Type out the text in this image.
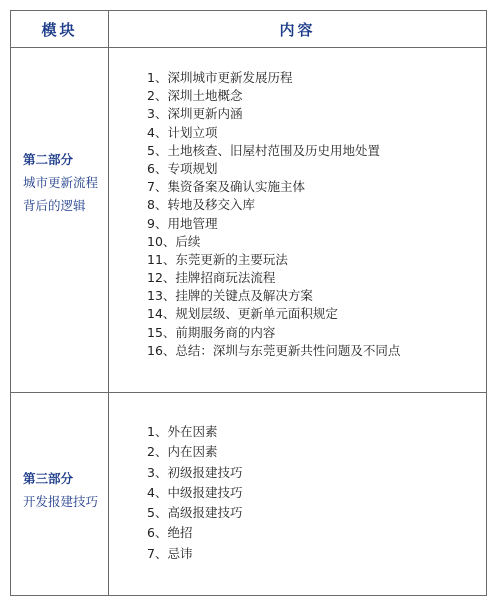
模块	内容
第二部分
城市更新流程
背后的逻辑
1、深圳城市更新发展历程
2、深圳土地概念
3、深圳更新内涵
4、计划立项
5、土地核查、旧屋村范围及历史用地处置
6、专项规划
7、集资备案及确认实施主体
8、转地及移交入库
9、用地管理
10、后续
11、东莞更新的主要玩法
12、挂牌招商玩法流程
13、挂牌的关键点及解决方案
14、规划层级、更新单元面积规定
15、前期服务商的内容
16、总结：深圳与东莞更新共性问题及不同点
第三部分
开发报建技巧
1、外在因素
2、内在因素
3、初级报建技巧
4、中级报建技巧
5、高级报建技巧
6、绝招
7、忌讳
